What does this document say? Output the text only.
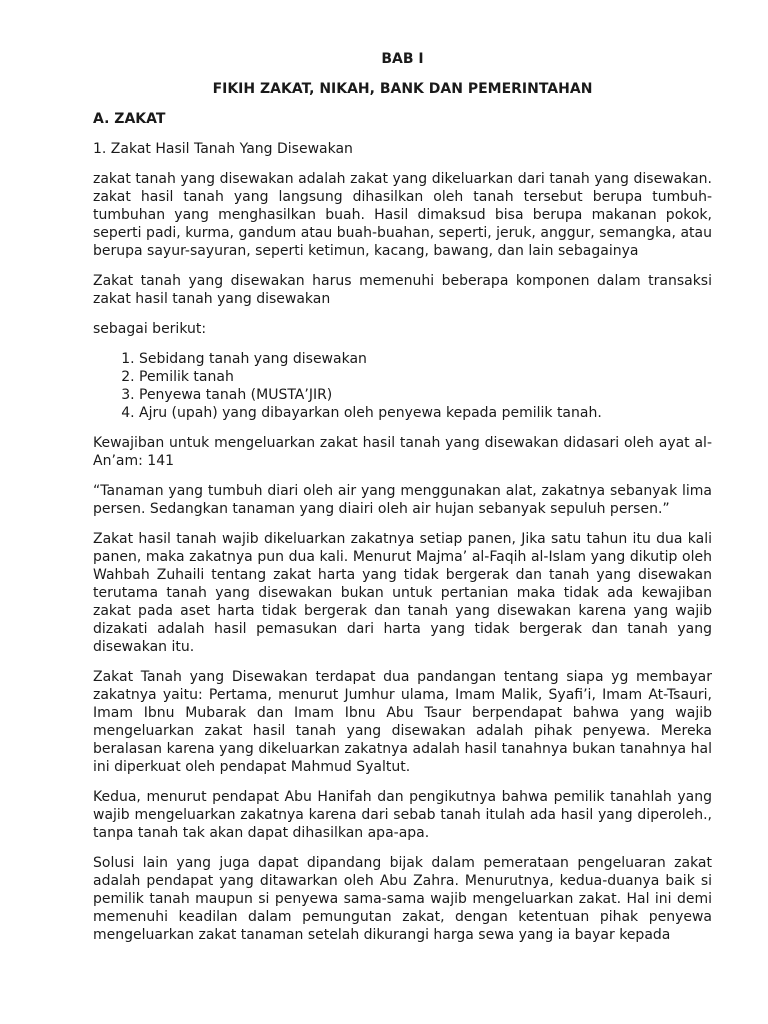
BAB I
FIKIH ZAKAT, NIKAH, BANK DAN PEMERINTAHAN
A. ZAKAT
1. Zakat Hasil Tanah Yang Disewakan

zakat tanah yang disewakan adalah zakat yang dikeluarkan dari tanah yang disewakan. zakat hasil tanah yang langsung dihasilkan oleh tanah tersebut berupa tumbuh-tumbuhan yang menghasilkan buah. Hasil dimaksud bisa berupa makanan pokok, seperti padi, kurma, gandum atau buah-buahan, seperti, jeruk, anggur, semangka, atau berupa sayur-sayuran, seperti ketimun, kacang, bawang, dan lain sebagainya

Zakat tanah yang disewakan harus memenuhi beberapa komponen dalam transaksi zakat hasil tanah yang disewakan

sebagai berikut:

1. Sebidang tanah yang disewakan
2. Pemilik tanah
3. Penyewa tanah (MUSTA’JIR)
4. Ajru (upah) yang dibayarkan oleh penyewa kepada pemilik tanah.

Kewajiban untuk mengeluarkan zakat hasil tanah yang disewakan didasari oleh ayat al-An’am: 141

“Tanaman yang tumbuh diari oleh air yang menggunakan alat, zakatnya sebanyak lima persen. Sedangkan tanaman yang diairi oleh air hujan sebanyak sepuluh persen.”

Zakat hasil tanah wajib dikeluarkan zakatnya setiap panen, Jika satu tahun itu dua kali panen, maka zakatnya pun dua kali. Menurut Majma’ al-Faqih al-Islam yang dikutip oleh Wahbah Zuhaili tentang zakat harta yang tidak bergerak dan tanah yang disewakan terutama tanah yang disewakan bukan untuk pertanian maka tidak ada kewajiban zakat pada aset harta tidak bergerak dan tanah yang disewakan karena yang wajib dizakati adalah hasil pemasukan dari harta yang tidak bergerak dan tanah yang disewakan itu.

Zakat Tanah yang Disewakan terdapat dua pandangan tentang siapa yg membayar zakatnya yaitu: Pertama, menurut Jumhur ulama, Imam Malik, Syafi’i, Imam At-Tsauri, Imam Ibnu Mubarak dan Imam Ibnu Abu Tsaur berpendapat bahwa yang wajib mengeluarkan zakat hasil tanah yang disewakan adalah pihak penyewa. Mereka beralasan karena yang dikeluarkan zakatnya adalah hasil tanahnya bukan tanahnya hal ini diperkuat oleh pendapat Mahmud Syaltut.

Kedua, menurut pendapat Abu Hanifah dan pengikutnya bahwa pemilik tanahlah yang wajib mengeluarkan zakatnya karena dari sebab tanah itulah ada hasil yang diperoleh., tanpa tanah tak akan dapat dihasilkan apa-apa.

Solusi lain yang juga dapat dipandang bijak dalam pemerataan pengeluaran zakat adalah pendapat yang ditawarkan oleh Abu Zahra. Menurutnya, kedua-duanya baik si pemilik tanah maupun si penyewa sama-sama wajib mengeluarkan zakat. Hal ini demi memenuhi keadilan dalam pemungutan zakat, dengan ketentuan pihak penyewa mengeluarkan zakat tanaman setelah dikurangi harga sewa yang ia bayar kepada
